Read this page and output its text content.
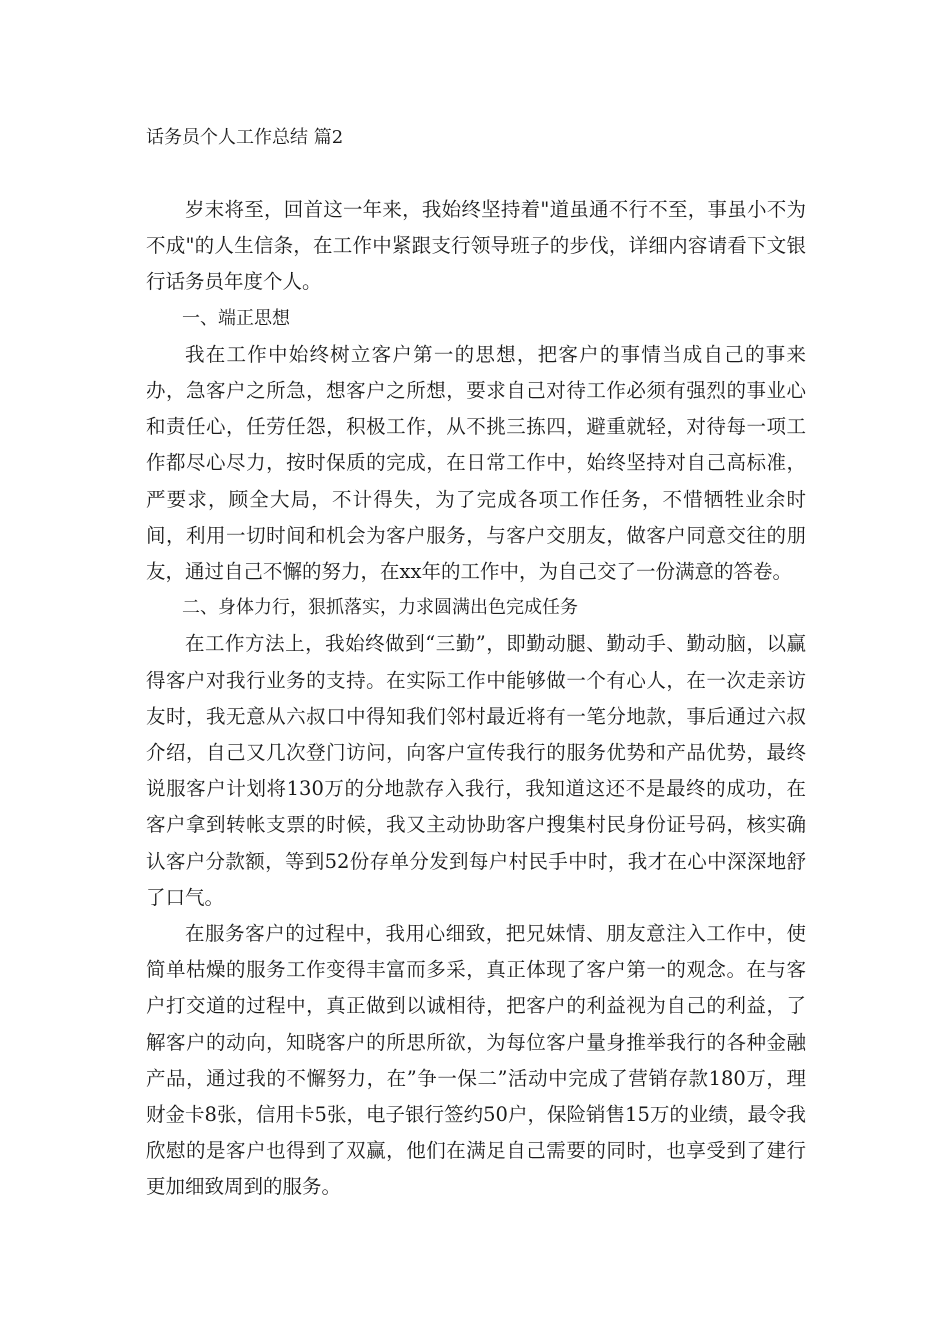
话务员个人工作总结 篇2

岁末将至，回首这一年来，我始终坚持着"道虽通不行不至，事虽小不为不成"的人生信条，在工作中紧跟支行领导班子的步伐，详细内容请看下文银行话务员年度个人。

一、端正思想

我在工作中始终树立客户第一的思想，把客户的事情当成自己的事来办，急客户之所急，想客户之所想，要求自己对待工作必须有强烈的事业心和责任心，任劳任怨，积极工作，从不挑三拣四，避重就轻，对待每一项工作都尽心尽力，按时保质的完成，在日常工作中，始终坚持对自己高标准，严要求，顾全大局，不计得失，为了完成各项工作任务，不惜牺牲业余时间，利用一切时间和机会为客户服务，与客户交朋友，做客户同意交往的朋友，通过自己不懈的努力，在xx年的工作中，为自己交了一份满意的答卷。

二、身体力行，狠抓落实，力求圆满出色完成任务

在工作方法上，我始终做到“三勤”，即勤动腿、勤动手、勤动脑，以赢得客户对我行业务的支持。在实际工作中能够做一个有心人，在一次走亲访友时，我无意从六叔口中得知我们邻村最近将有一笔分地款，事后通过六叔介绍，自己又几次登门访问，向客户宣传我行的服务优势和产品优势，最终说服客户计划将130万的分地款存入我行，我知道这还不是最终的成功，在客户拿到转帐支票的时候，我又主动协助客户搜集村民身份证号码，核实确认客户分款额，等到52份存单分发到每户村民手中时，我才在心中深深地舒了口气。

在服务客户的过程中，我用心细致，把兄妹情、朋友意注入工作中，使简单枯燥的服务工作变得丰富而多采，真正体现了客户第一的观念。在与客户打交道的过程中，真正做到以诚相待，把客户的利益视为自己的利益，了解客户的动向，知晓客户的所思所欲，为每位客户量身推举我行的各种金融产品，通过我的不懈努力，在”争一保二”活动中完成了营销存款180万，理财金卡8张，信用卡5张，电子银行签约50户，保险销售15万的业绩，最令我欣慰的是客户也得到了双赢，他们在满足自己需要的同时，也享受到了建行更加细致周到的服务。
